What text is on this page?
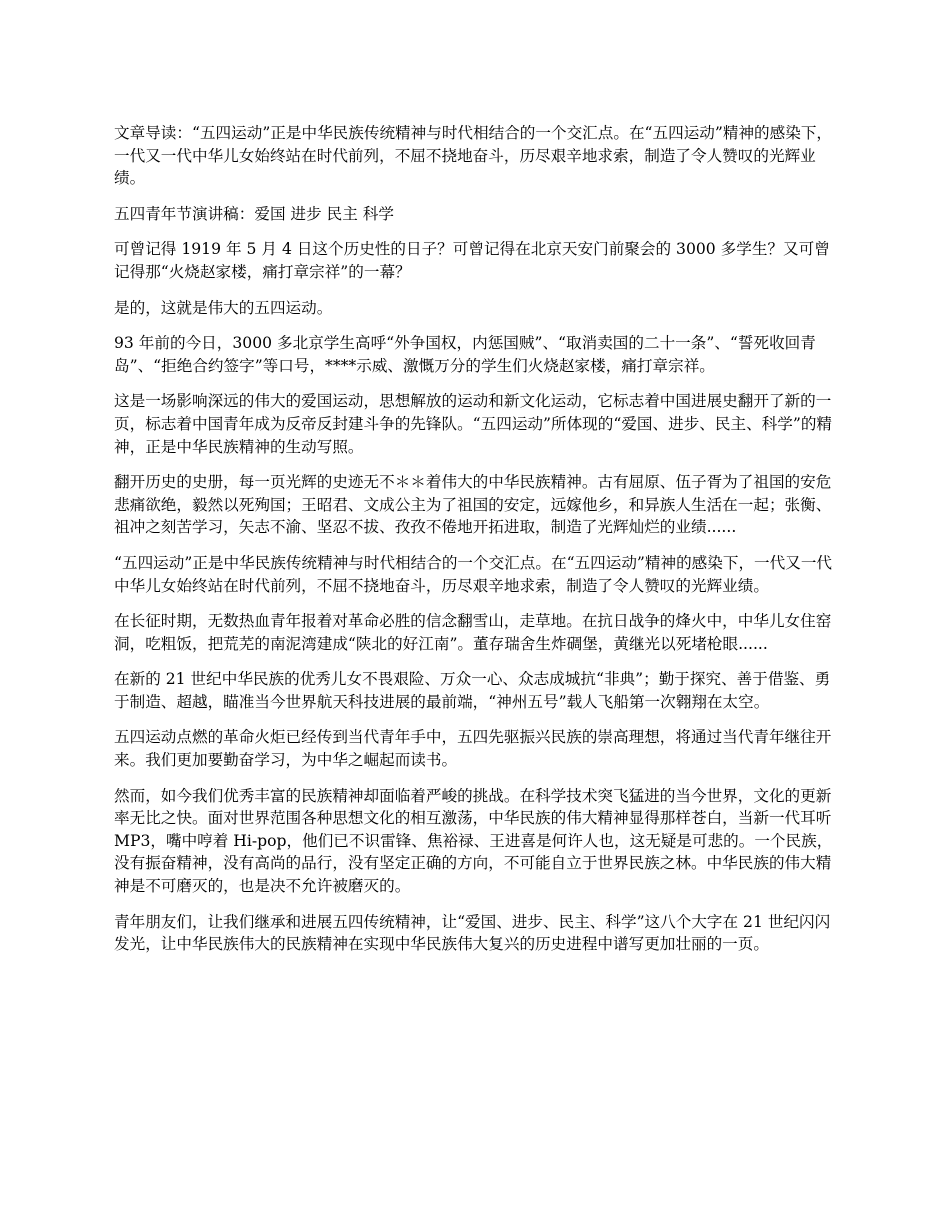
文章导读：“五四运动”正是中华民族传统精神与时代相结合的一个交汇点。在“五四运动”精神的感染下，一代又一代中华儿女始终站在时代前列，不屈不挠地奋斗，历尽艰辛地求索，制造了令人赞叹的光辉业绩。

五四青年节演讲稿：爱国 进步 民主 科学

可曾记得 1919 年 5 月 4 日这个历史性的日子？可曾记得在北京天安门前聚会的 3000 多学生？又可曾记得那“火烧赵家楼，痛打章宗祥”的一幕？

是的，这就是伟大的五四运动。

93 年前的今日，3000 多北京学生高呼“外争国权，内惩国贼”、“取消卖国的二十一条”、“誓死收回青岛”、“拒绝合约签字”等口号，****示威、激慨万分的学生们火烧赵家楼，痛打章宗祥。

这是一场影响深远的伟大的爱国运动，思想解放的运动和新文化运动，它标志着中国进展史翻开了新的一页，标志着中国青年成为反帝反封建斗争的先锋队。“五四运动”所体现的“爱国、进步、民主、科学”的精神，正是中华民族精神的生动写照。

翻开历史的史册，每一页光辉的史迹无不＊＊着伟大的中华民族精神。古有屈原、伍子胥为了祖国的安危悲痛欲绝，毅然以死殉国；王昭君、文成公主为了祖国的安定，远嫁他乡，和异族人生活在一起；张衡、祖冲之刻苦学习，矢志不渝、坚忍不拔、孜孜不倦地开拓进取，制造了光辉灿烂的业绩......

“五四运动”正是中华民族传统精神与时代相结合的一个交汇点。在“五四运动”精神的感染下，一代又一代中华儿女始终站在时代前列，不屈不挠地奋斗，历尽艰辛地求索，制造了令人赞叹的光辉业绩。

在长征时期，无数热血青年报着对革命必胜的信念翻雪山，走草地。在抗日战争的烽火中，中华儿女住窑洞，吃粗饭，把荒芜的南泥湾建成“陕北的好江南”。董存瑞舍生炸碉堡，黄继光以死堵枪眼......

在新的 21 世纪中华民族的优秀儿女不畏艰险、万众一心、众志成城抗“非典”；勤于探究、善于借鉴、勇于制造、超越，瞄准当今世界航天科技进展的最前端，“神州五号”载人飞船第一次翱翔在太空。

五四运动点燃的革命火炬已经传到当代青年手中，五四先驱振兴民族的崇高理想，将通过当代青年继往开来。我们更加要勤奋学习，为中华之崛起而读书。

然而，如今我们优秀丰富的民族精神却面临着严峻的挑战。在科学技术突飞猛进的当今世界，文化的更新率无比之快。面对世界范围各种思想文化的相互激荡，中华民族的伟大精神显得那样苍白，当新一代耳听 MP3，嘴中哼着 Hi-pop，他们已不识雷锋、焦裕禄、王进喜是何许人也，这无疑是可悲的。一个民族，没有振奋精神，没有高尚的品行，没有坚定正确的方向，不可能自立于世界民族之林。中华民族的伟大精神是不可磨灭的，也是决不允许被磨灭的。

青年朋友们，让我们继承和进展五四传统精神，让“爱国、进步、民主、科学”这八个大字在 21 世纪闪闪发光，让中华民族伟大的民族精神在实现中华民族伟大复兴的历史进程中谱写更加壮丽的一页。
